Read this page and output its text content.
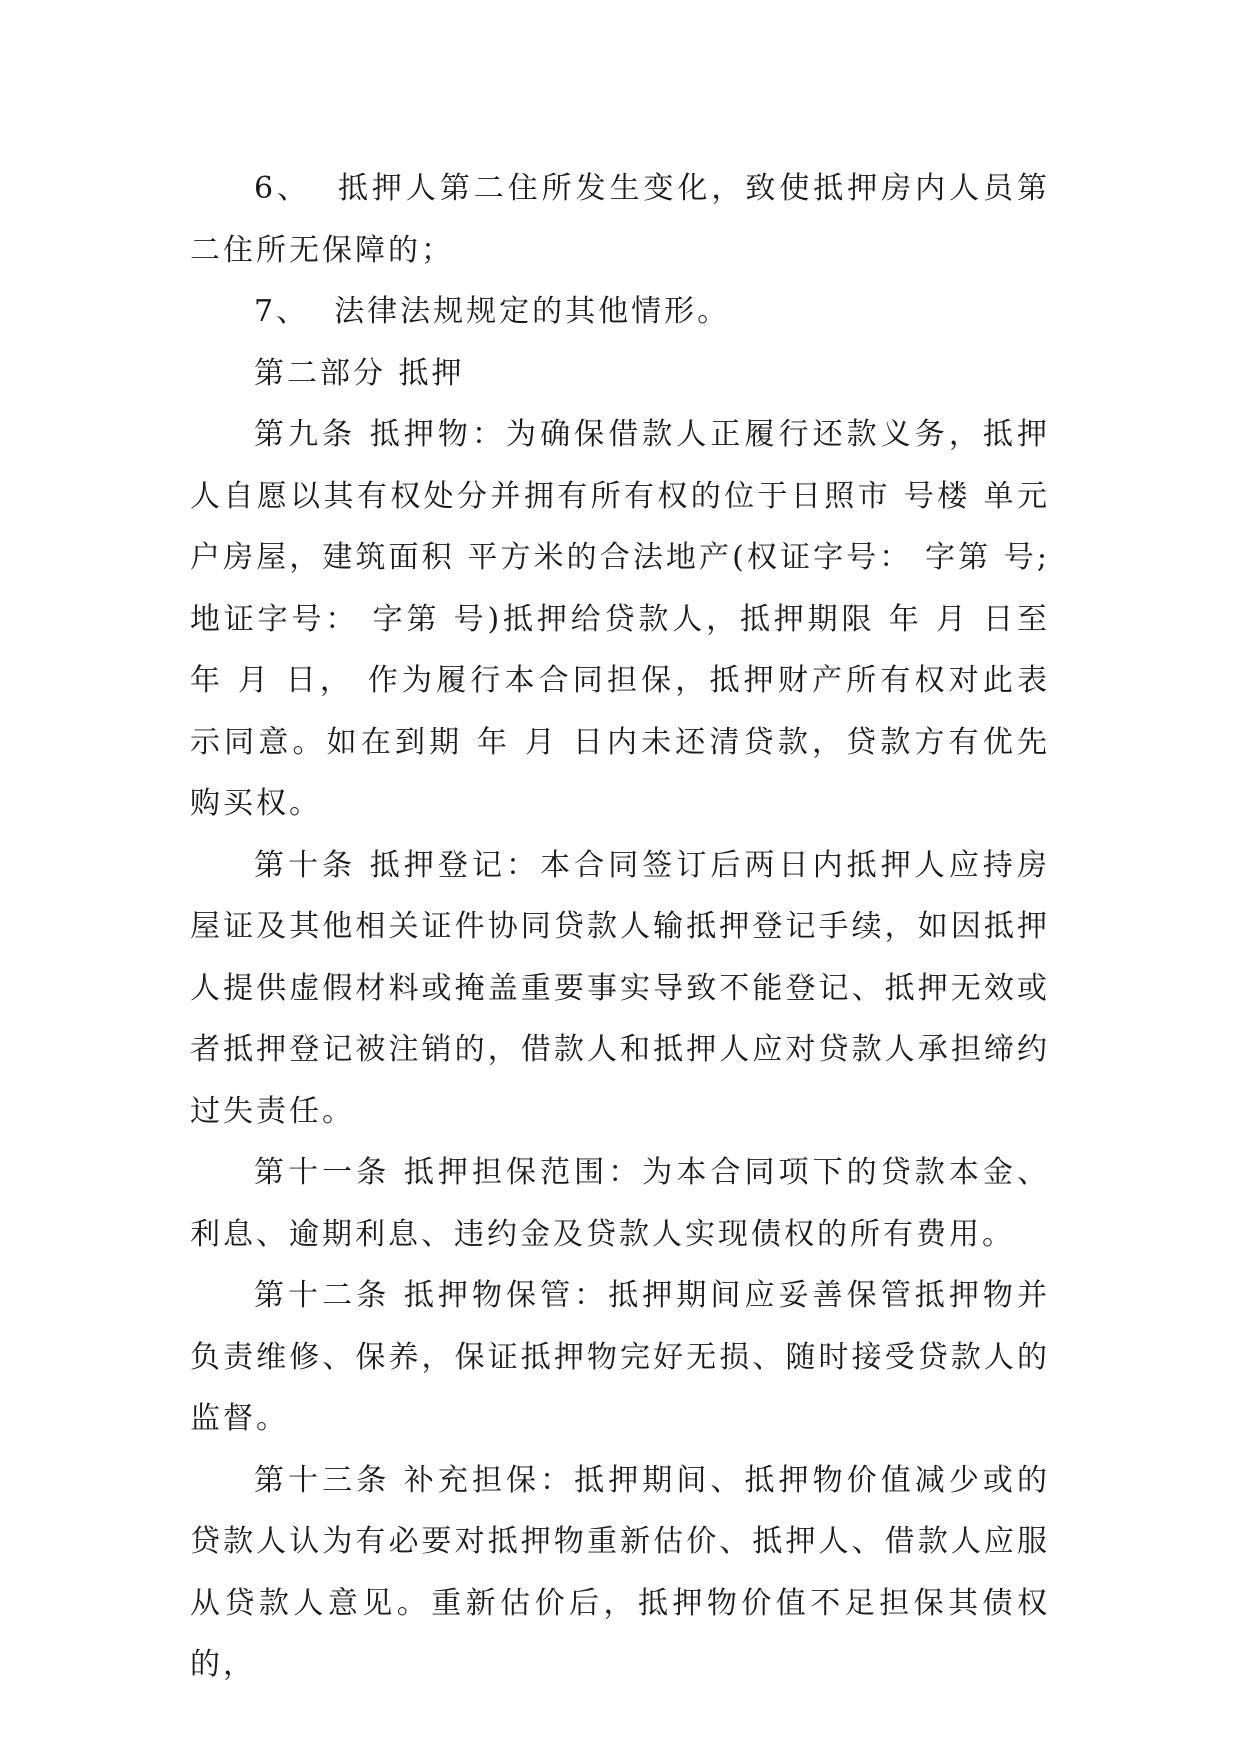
6、  抵押人第二住所发生变化，致使抵押房内人员第二住所无保障的；

7、  法律法规规定的其他情形。

第二部分 抵押

第九条 抵押物：为确保借款人正履行还款义务，抵押人自愿以其有权处分并拥有所有权的位于日照市 号楼 单元 户房屋，建筑面积 平方米的合法地产(权证字号： 字第 号;地证字号： 字第 号)抵押给贷款人，抵押期限 年 月 日至 年 月 日， 作为履行本合同担保，抵押财产所有权对此表示同意。如在到期 年 月 日内未还清贷款，贷款方有优先购买权。

第十条 抵押登记：本合同签订后两日内抵押人应持房屋证及其他相关证件协同贷款人输抵押登记手续，如因抵押人提供虚假材料或掩盖重要事实导致不能登记、抵押无效或者抵押登记被注销的，借款人和抵押人应对贷款人承担缔约过失责任。

第十一条 抵押担保范围：为本合同项下的贷款本金、利息、逾期利息、违约金及贷款人实现债权的所有费用。

第十二条 抵押物保管：抵押期间应妥善保管抵押物并负责维修、保养，保证抵押物完好无损、随时接受贷款人的监督。

第十三条 补充担保：抵押期间、抵押物价值减少或的贷款人认为有必要对抵押物重新估价、抵押人、借款人应服从贷款人意见。重新估价后，抵押物价值不足担保其债权的，
